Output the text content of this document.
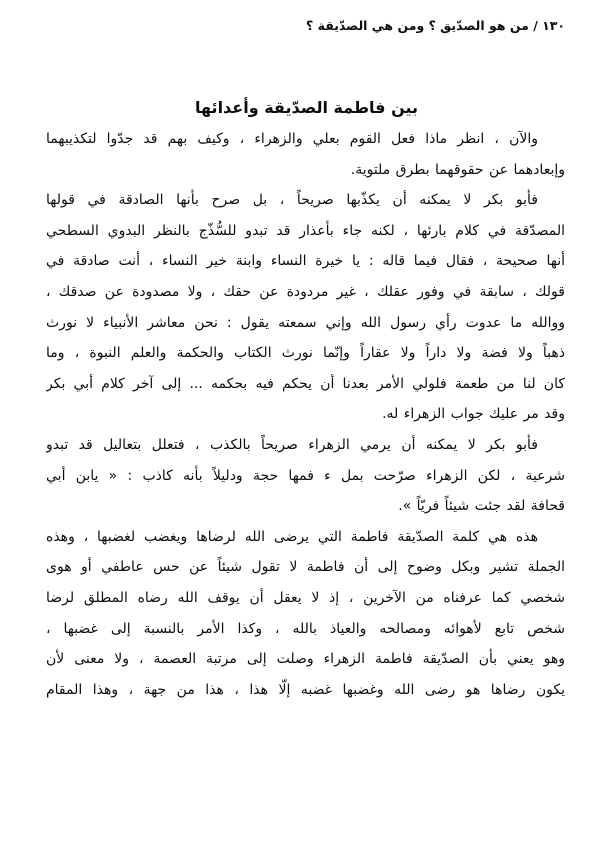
١٣٠ / من هو الصدّيق ؟ ومن هي الصدّيقة ؟
بين فاطمة الصدّيقة وأعدائها

والآن ، انظر ماذا فعل القوم بعلي والزهراء ، وكيف بهم قد جدّوا لتكذيبهما
وإبعادهما عن حقوقهما بطرق ملتوية.

فأبو بكر لا يمكنه أن يكذّبها صريحاً ، بل صرح بأنها الصادقة في قولها
المصدّقة في كلام بارئها ، لكنه جاء بأعذار قد تبدو للسُّذّج بالنظر البدوي السطحي
أنها صحيحة ، فقال فيما قاله : يا خيرة النساء وابنة خير النساء ، أنت صادقة في
قولك ، سابقة في وفور عقلك ، غير مردودة عن حقك ، ولا مصدودة عن صدقك ،
ووالله ما عدوت رأي رسول الله وإني سمعته يقول : نحن معاشر الأنبياء لا نورث
ذهباً ولا فضة ولا داراً ولا عقاراً وإنّما نورث الكتاب والحكمة والعلم النبوة ، وما
كان لنا من طعمة فلولي الأمر بعدنا أن يحكم فيه بحكمه ... إلى آخر كلام أبي بكر
وقد مر عليك جواب الزهراء له.

فأبو بكر لا يمكنه أن يرمي الزهراء صريحاً بالكذب ، فتعلل بتعاليل قد تبدو
شرعية ، لكن الزهراء صرّحت بمل ء فمها حجة ودليلاً بأنه كاذب : « يابن أبي
قحافة لقد جئت شيئاً فريّاً ».

هذه هي كلمة الصدّيقة فاطمة التي يرضى الله لرضاها ويغضب لغضبها ، وهذه
الجملة تشير وبكل وضوح إلى أن فاطمة لا تقول شيئاً عن حس عاطفي أو هوى
شخصي كما عرفناه من الآخرين ، إذ لا يعقل أن يوقف الله رضاه المطلق لرضا
شخص تابع لأهوائه ومصالحه والعياذ بالله ، وكذا الأمر بالنسبة إلى غضبها ،
وهو يعني بأن الصدّيقة فاطمة الزهراء وصلت إلى مرتبة العصمة ، ولا معنى لأن
يكون رضاها هو رضى الله وغضبها غضبه إلّا هذا ، هذا من جهة ، وهذا المقام
